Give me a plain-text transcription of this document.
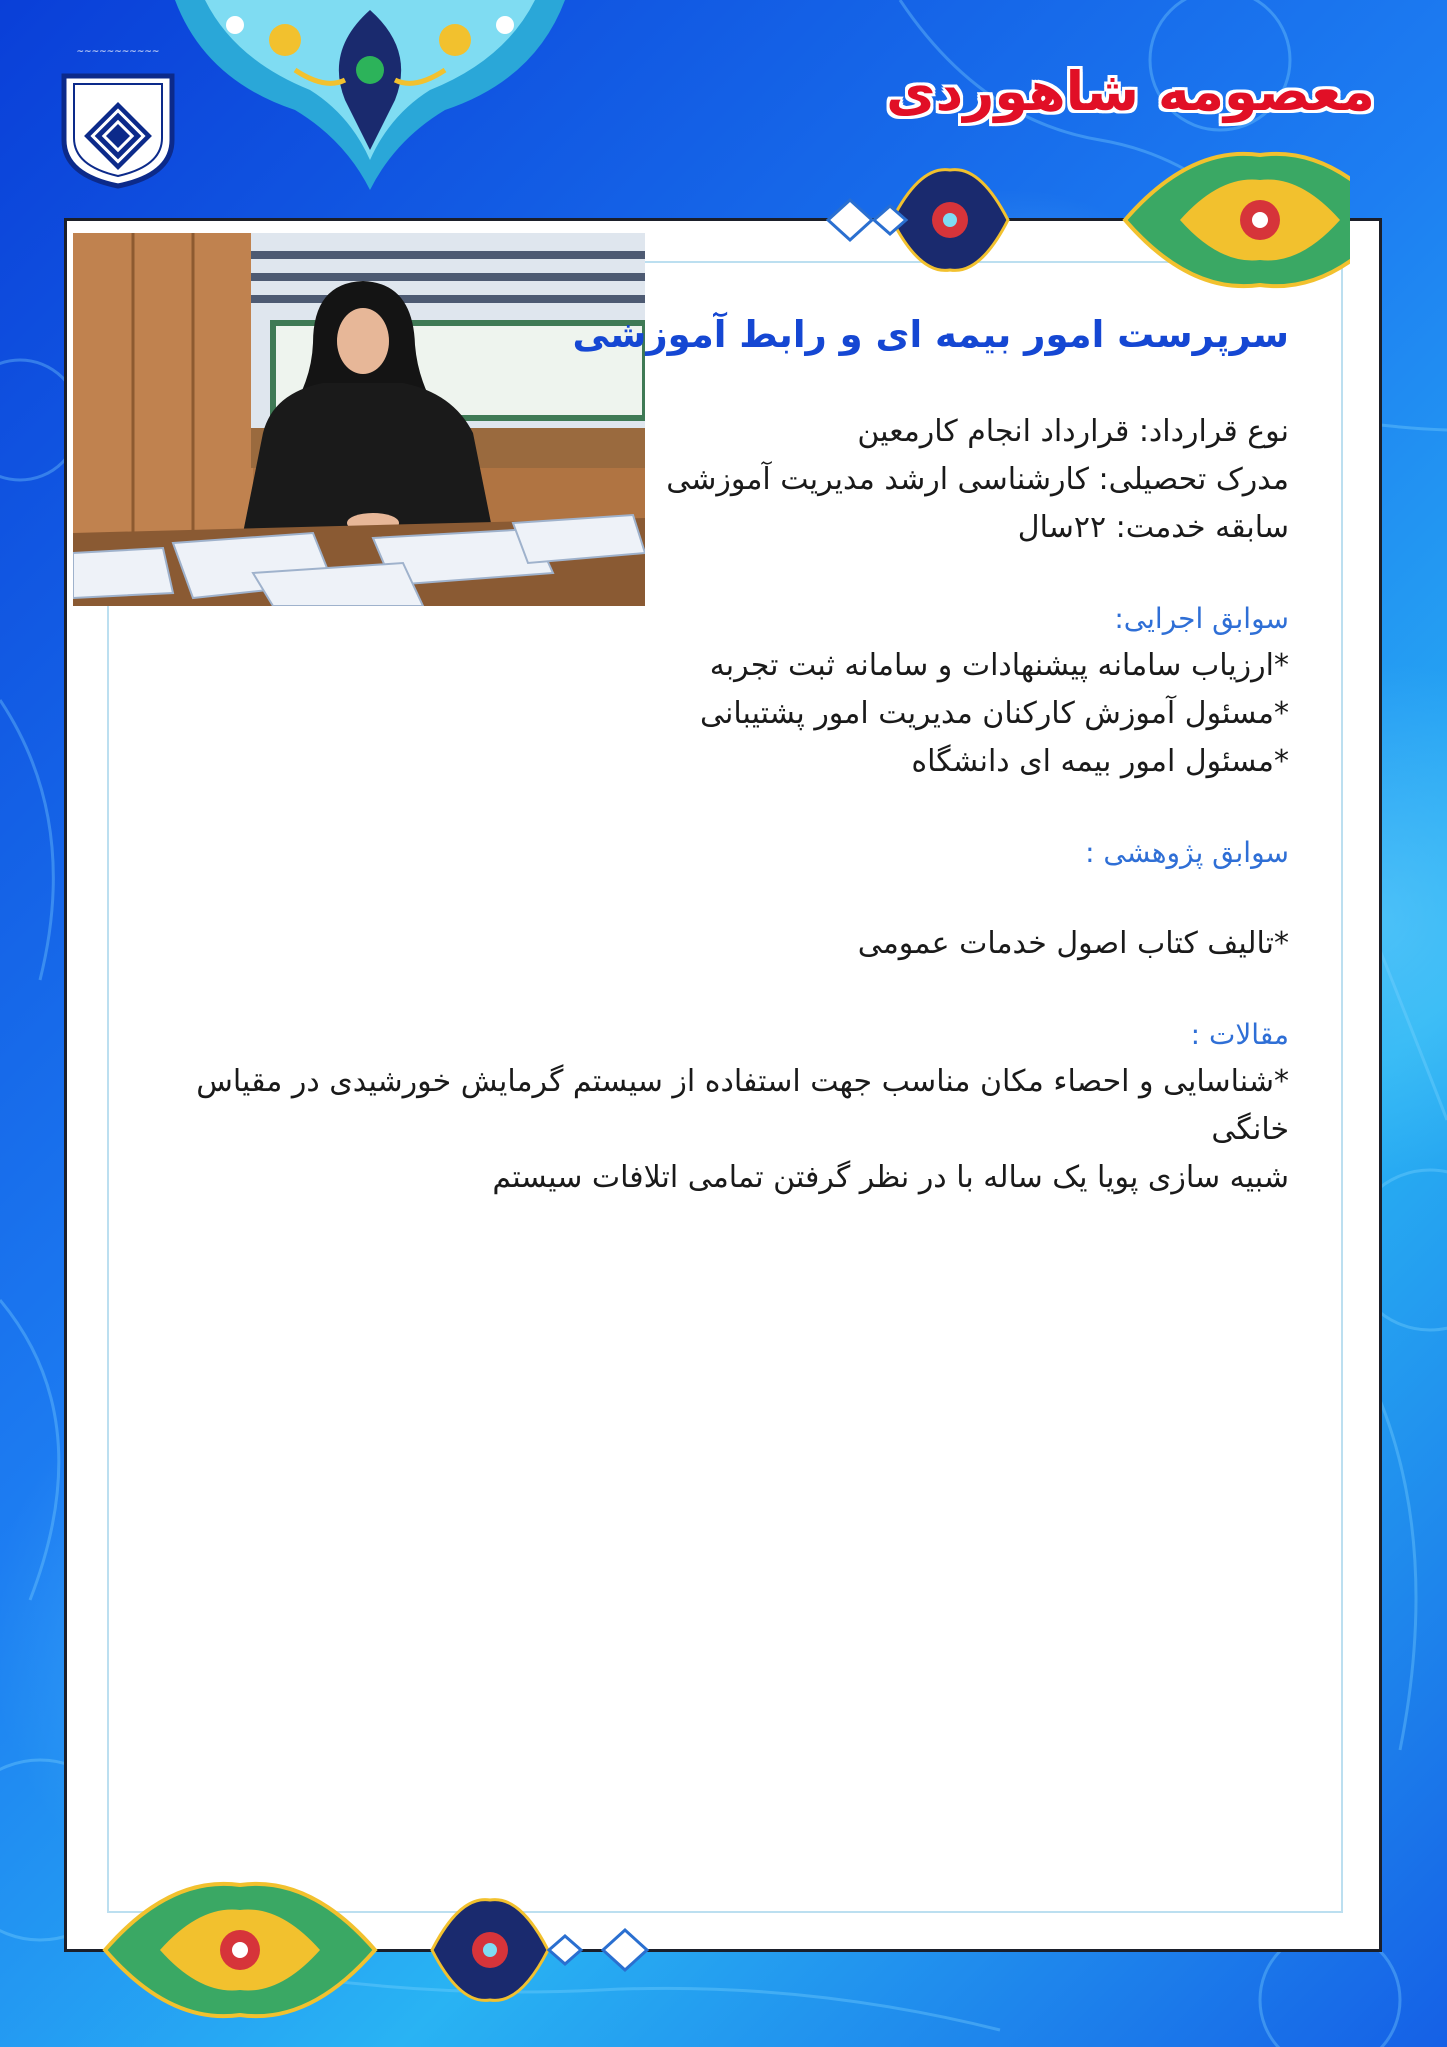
~~~~~~~~~~~
معصومه شاهوردی
سرپرست امور بیمه ای و رابط آموزشی

نوع قرارداد: قرارداد انجام کارمعین

مدرک تحصیلی: کارشناسی ارشد مدیریت آموزشی

سابقه خدمت: ۲۲سال

سوابق اجرایی:

*ارزیاب سامانه پیشنهادات و سامانه ثبت تجربه

*مسئول آموزش کارکنان مدیریت امور پشتیبانی

*مسئول امور بیمه ای دانشگاه

سوابق پژوهشی :

*تالیف کتاب اصول خدمات عمومی

مقالات :

*شناسایی و احصاء مکان مناسب جهت استفاده از سیستم گرمایش خورشیدی در مقیاس خانگی

شبیه سازی پویا یک ساله با در نظر گرفتن تمامی اتلافات سیستم
